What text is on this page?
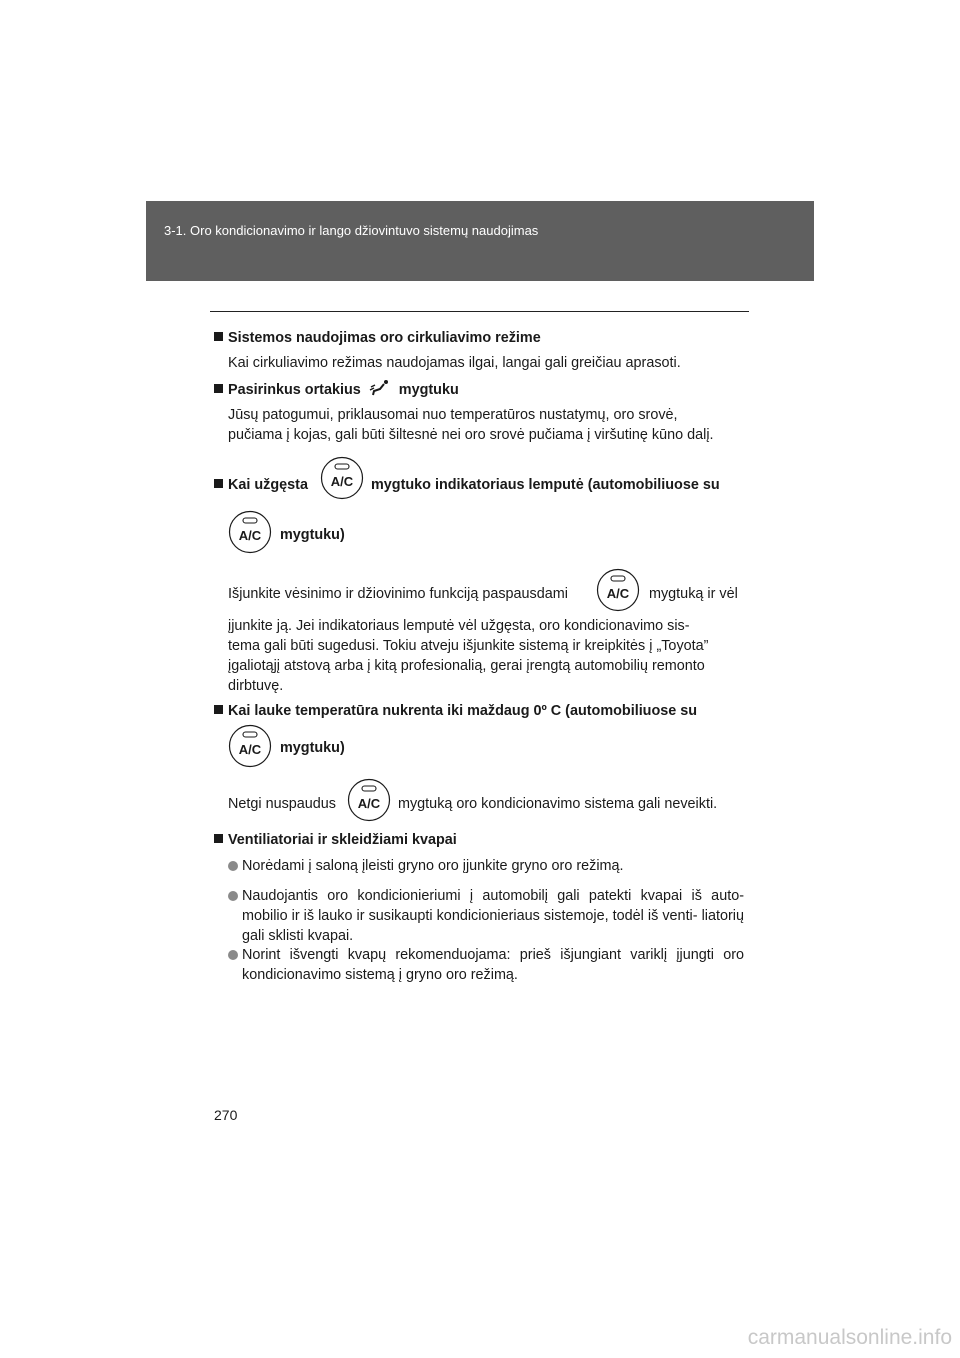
3-1. Oro kondicionavimo ir lango džiovintuvo sistemų naudojimas
Sistemos naudojimas oro cirkuliavimo režime
Kai cirkuliavimo režimas naudojamas ilgai, langai gali greičiau aprasoti.
Pasirinkus ortakius	mygtuku
Jūsų patogumui, priklausomai nuo temperatūros nustatymų, oro srovė,
pučiama į kojas, gali būti šiltesnė nei oro srovė pučiama į viršutinę kūno dalį.
Kai užgęsta	A/C mygtuko indikatoriaus lemputė (automobiliuose su
A/C mygtuku)
Išjunkite vėsinimo ir džiovinimo funkciją paspausdami	A/C mygtuką ir vėl
įjunkite ją. Jei indikatoriaus lemputė vėl užgęsta, oro kondicionavimo sis-
tema gali būti sugedusi. Tokiu atveju išjunkite sistemą ir kreipkitės į „Toyota”
įgaliotąjį atstovą arba į kitą profesionalią, gerai įrengtą automobilių remonto
dirbtuvę.
Kai lauke temperatūra nukrenta iki maždaug 0º C (automobiliuose su
A/C mygtuku)
Netgi nuspaudus	A/C mygtuką oro kondicionavimo sistema gali neveikti.
Ventiliatoriai ir skleidžiami kvapai
Norėdami į saloną įleisti gryno oro įjunkite gryno oro režimą.
Naudojantis oro kondicionieriumi į automobilį gali patekti kvapai iš auto- mobilio ir iš lauko ir susikaupti kondicionieriaus sistemoje, todėl iš venti- liatorių gali sklisti kvapai.
Norint išvengti kvapų rekomenduojama: prieš išjungiant variklį įjungti oro kondicionavimo sistemą į gryno oro režimą.
270
carmanualsonline.info
